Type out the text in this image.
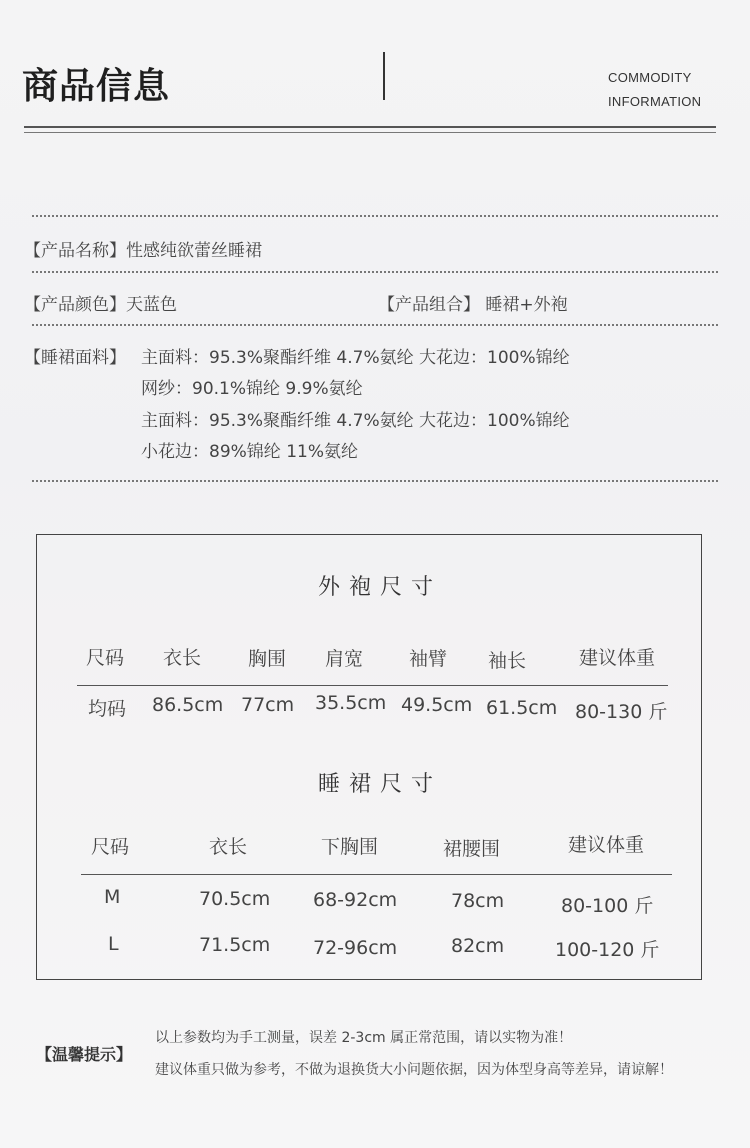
商品信息	COMMODITY
INFORMATION
【产品名称】性感纯欲蕾丝睡裙
【产品颜色】天蓝色	【产品组合】 睡裙+外袍
【睡裙面料】 主面料：95.3%聚酯纤维 4.7%氨纶 大花边：100%锦纶
网纱：90.1%锦纶 9.9%氨纶
主面料：95.3%聚酯纤维 4.7%氨纶 大花边：100%锦纶
小花边：89%锦纶 11%氨纶
外袍尺寸
尺码 衣长 胸围 肩宽 袖臂 袖长	建议体重
均码 86.5cm 77cm 35.5cm 49.5cm 61.5cm 80-130 斤
睡裙尺寸
尺码	衣长	下胸围	裙腰围	建议体重
M	70.5cm 68-92cm	78cm	80-100 斤
L	71.5cm 72-96cm	82cm	100-120 斤
【温馨提示】
以上参数均为手工测量，误差 2-3cm 属正常范围，请以实物为准！
建议体重只做为参考，不做为退换货大小问题依据，因为体型身高等差异，请谅解！
